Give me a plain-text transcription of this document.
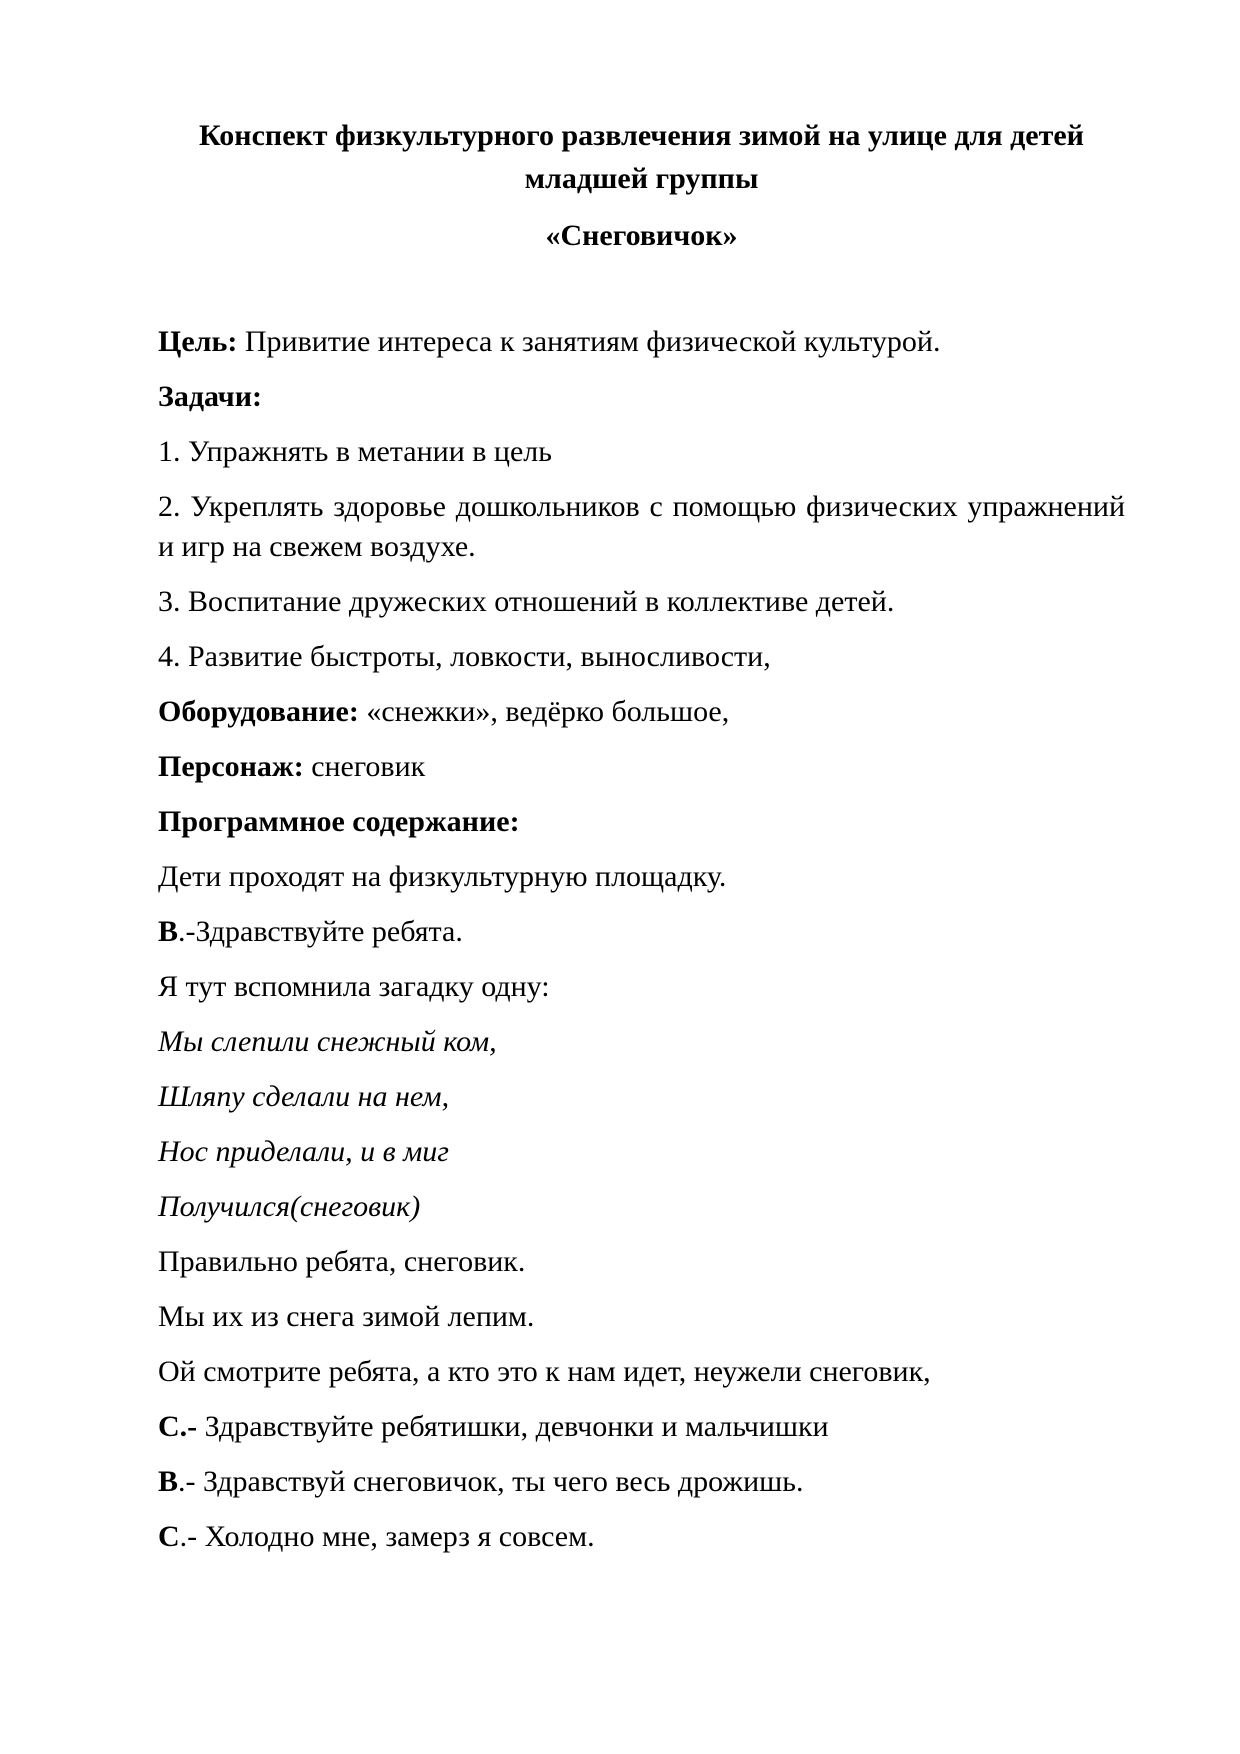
Конспект физкультурного развлечения зимой на улице для детей
младшей группы
«Снеговичок»

Цель: Привитие интереса к занятиям физической культурой.

Задачи:

1. Упражнять в метании в цель

2. Укреплять здоровье дошкольников с помощью физических упражнений и игр на свежем воздухе.

3. Воспитание дружеских отношений в коллективе детей.

4. Развитие быстроты, ловкости, выносливости,

Оборудование: «снежки», ведёрко большое,

Персонаж: снеговик

Программное содержание:

Дети проходят на физкультурную площадку.

В.-Здравствуйте ребята.

Я тут вспомнила загадку одну:

Мы слепили снежный ком,

Шляпу сделали на нем,

Нос приделали, и в миг

Получился(снеговик)

Правильно ребята, снеговик.

Мы их из снега зимой лепим.

Ой смотрите ребята, а кто это к нам идет, неужели снеговик,

С.- Здравствуйте ребятишки, девчонки и мальчишки

В.- Здравствуй снеговичок, ты чего весь дрожишь.

С.- Холодно мне, замерз я совсем.
